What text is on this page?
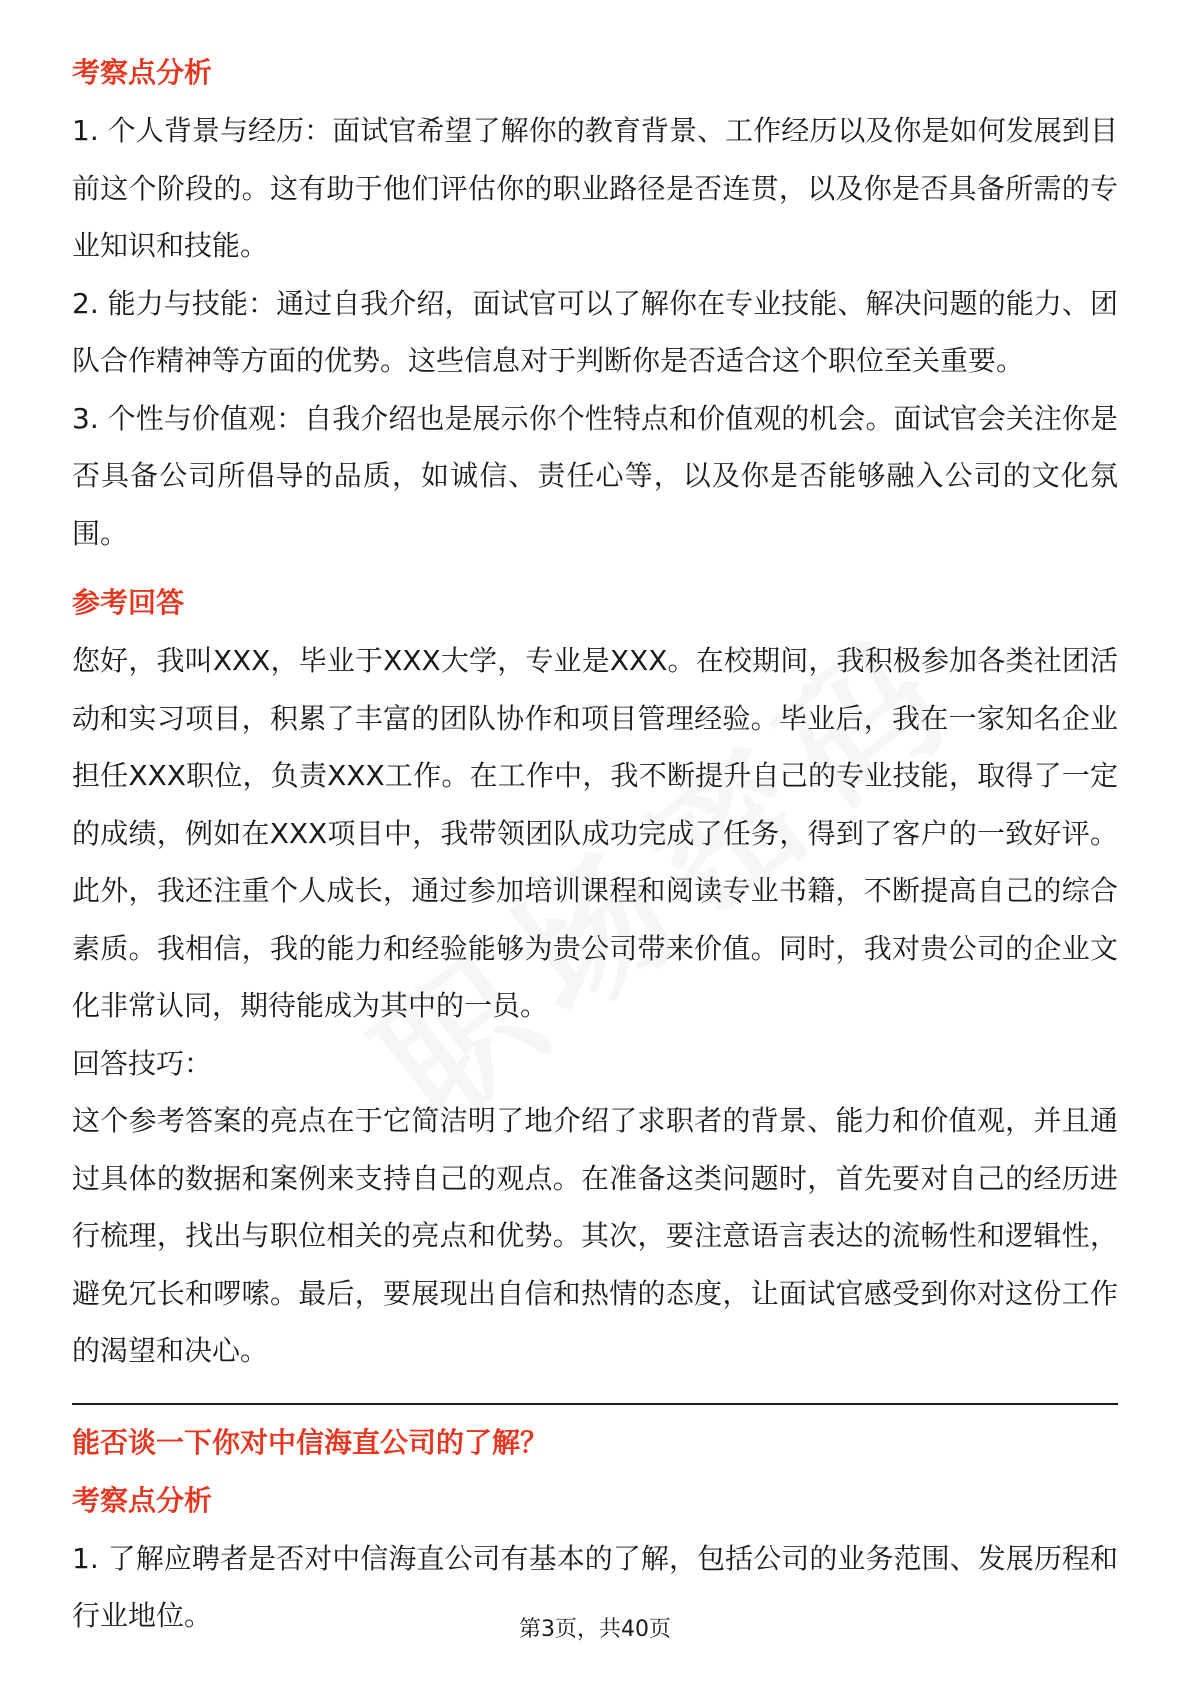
考察点分析

1. 个人背景与经历：面试官希望了解你的教育背景、工作经历以及你是如何发展到目前这个阶段的。这有助于他们评估你的职业路径是否连贯，以及你是否具备所需的专业知识和技能。

2. 能力与技能：通过自我介绍，面试官可以了解你在专业技能、解决问题的能力、团队合作精神等方面的优势。这些信息对于判断你是否适合这个职位至关重要。

3. 个性与价值观：自我介绍也是展示你个性特点和价值观的机会。面试官会关注你是否具备公司所倡导的品质，如诚信、责任心等，以及你是否能够融入公司的文化氛围。

参考回答

您好，我叫XXX，毕业于XXX大学，专业是XXX。在校期间，我积极参加各类社团活动和实习项目，积累了丰富的团队协作和项目管理经验。毕业后，我在一家知名企业担任XXX职位，负责XXX工作。在工作中，我不断提升自己的专业技能，取得了一定的成绩，例如在XXX项目中，我带领团队成功完成了任务，得到了客户的一致好评。此外，我还注重个人成长，通过参加培训课程和阅读专业书籍，不断提高自己的综合素质。我相信，我的能力和经验能够为贵公司带来价值。同时，我对贵公司的企业文化非常认同，期待能成为其中的一员。

回答技巧：

这个参考答案的亮点在于它简洁明了地介绍了求职者的背景、能力和价值观，并且通过具体的数据和案例来支持自己的观点。在准备这类问题时，首先要对自己的经历进行梳理，找出与职位相关的亮点和优势。其次，要注意语言表达的流畅性和逻辑性，避免冗长和啰嗦。最后，要展现出自信和热情的态度，让面试官感受到你对这份工作的渴望和决心。

能否谈一下你对中信海直公司的了解？
考察点分析

1. 了解应聘者是否对中信海直公司有基本的了解，包括公司的业务范围、发展历程和行业地位。	第3页，共40页
